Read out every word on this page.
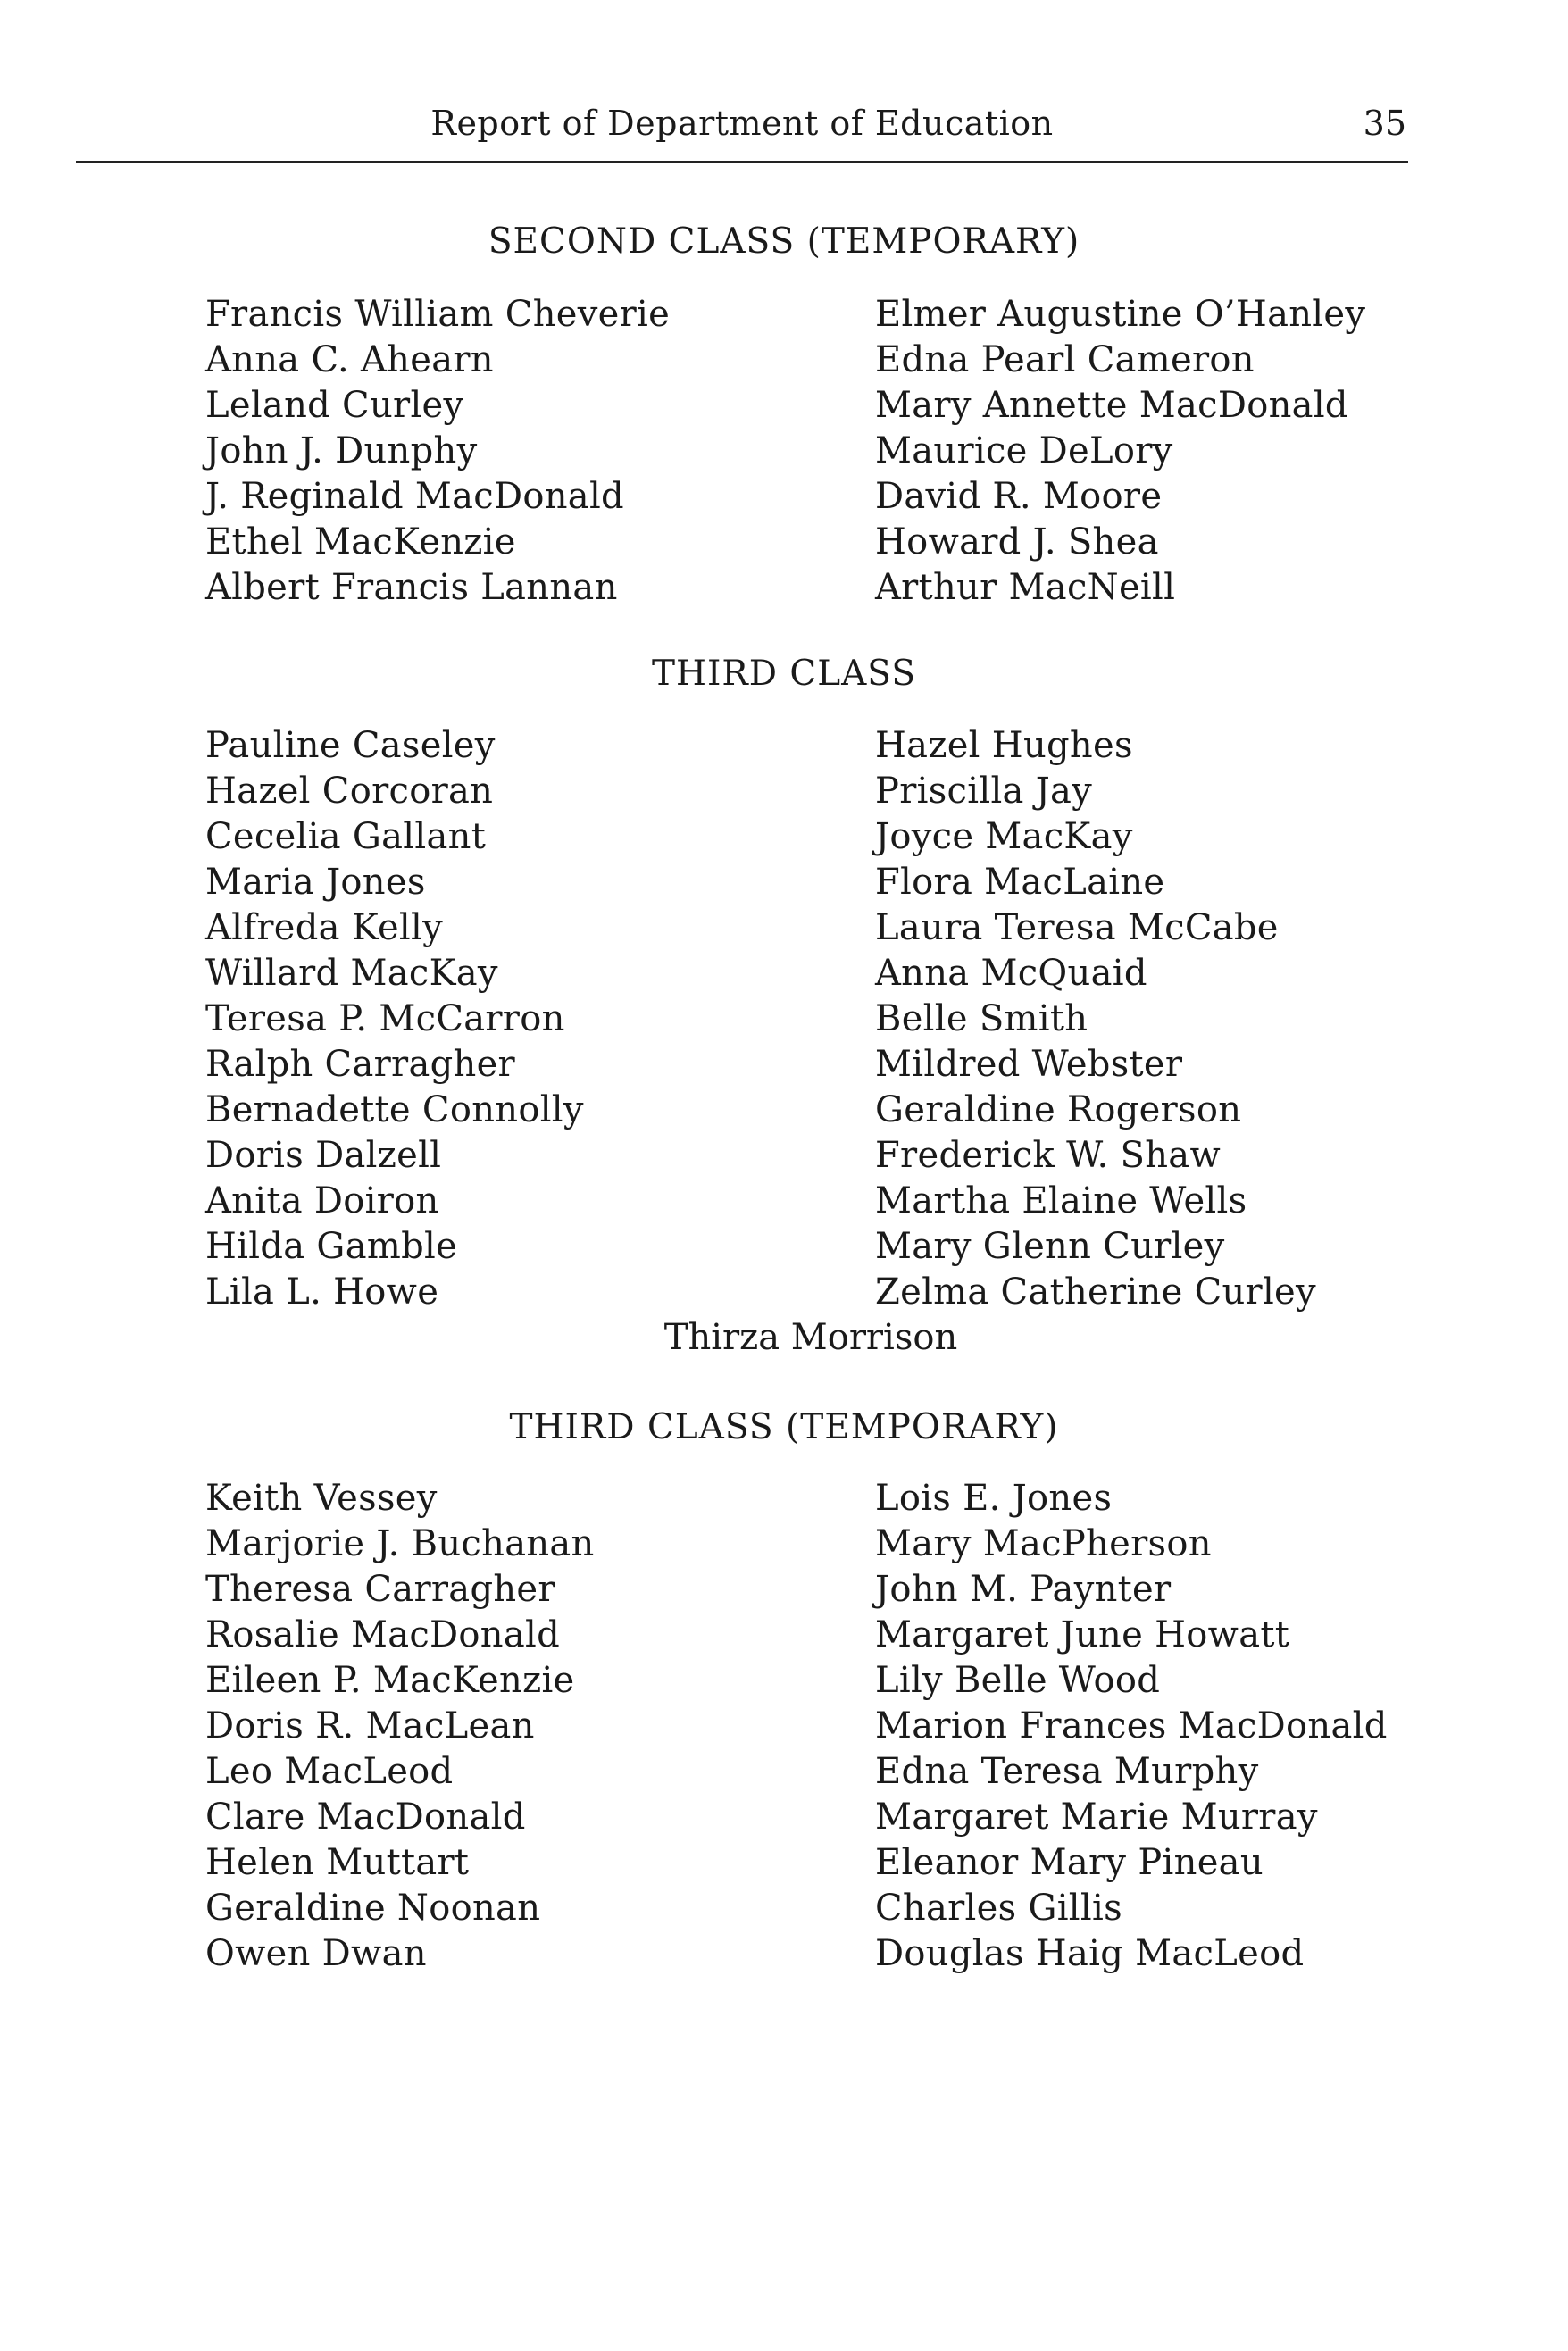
Report of Department of Education	35
SECOND CLASS (TEMPORARY)
Francis William Cheverie
Anna C. Ahearn
Leland Curley
John J. Dunphy
J. Reginald MacDonald
Ethel MacKenzie
Albert Francis Lannan
Elmer Augustine O’Hanley
Edna Pearl Cameron
Mary Annette MacDonald
Maurice DeLory
David R. Moore
Howard J. Shea
Arthur MacNeill
THIRD CLASS
Pauline Caseley
Hazel Corcoran
Cecelia Gallant
Maria Jones
Alfreda Kelly
Willard MacKay
Teresa P. McCarron
Ralph Carragher
Bernadette Connolly
Doris Dalzell
Anita Doiron
Hilda Gamble
Lila L. Howe
Hazel Hughes
Priscilla Jay
Joyce MacKay
Flora MacLaine
Laura Teresa McCabe
Anna McQuaid
Belle Smith
Mildred Webster
Geraldine Rogerson
Frederick W. Shaw
Martha Elaine Wells
Mary Glenn Curley
Zelma Catherine Curley
Thirza Morrison
THIRD CLASS (TEMPORARY)
Keith Vessey
Marjorie J. Buchanan
Theresa Carragher
Rosalie MacDonald
Eileen P. MacKenzie
Doris R. MacLean
Leo MacLeod
Clare MacDonald
Helen Muttart
Geraldine Noonan
Owen Dwan
Lois E. Jones
Mary MacPherson
John M. Paynter
Margaret June Howatt
Lily Belle Wood
Marion Frances MacDonald
Edna Teresa Murphy
Margaret Marie Murray
Eleanor Mary Pineau
Charles Gillis
Douglas Haig MacLeod
